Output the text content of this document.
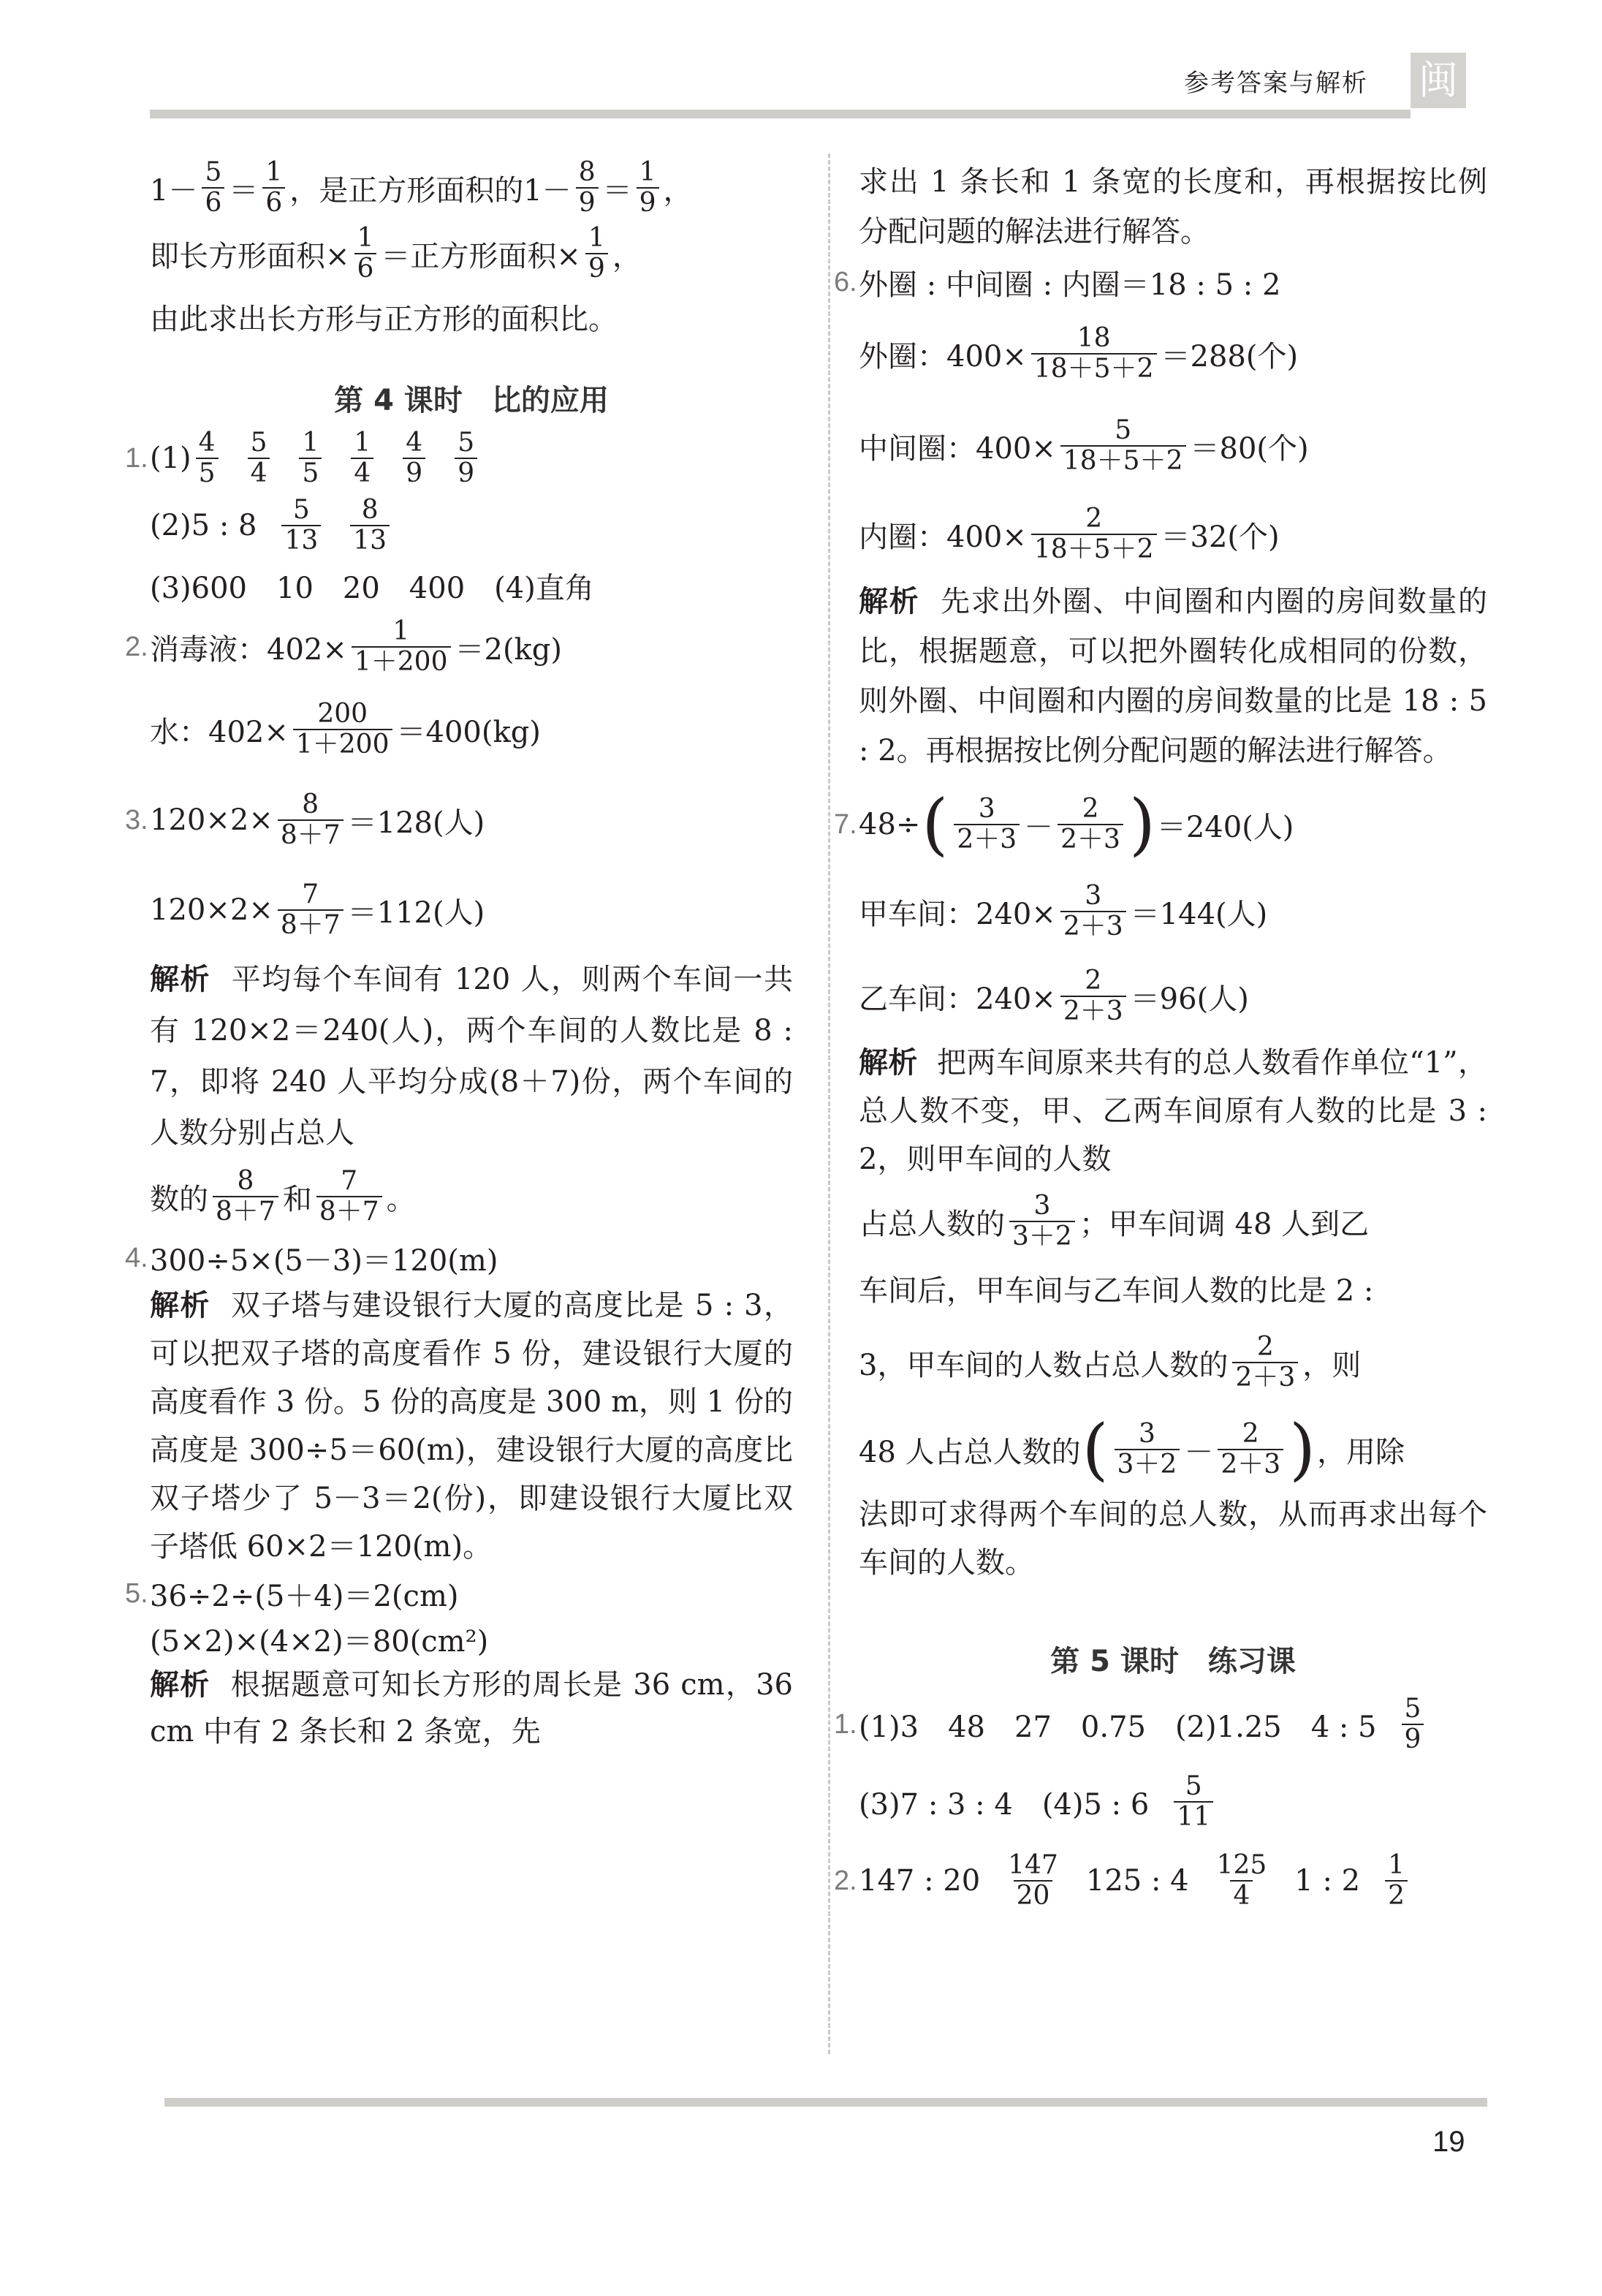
参考答案与解析 闽
$1- \frac{5}{6} = \frac{1}{6}$ ，是正方形面积的$1- \frac{8}{9} = \frac{1}{9}$ ，
即长方形面积× $\frac{1}{6}$ ＝正方形面积× $\frac{1}{9}$ ，
由此求出长方形与正方形的面积比。
第 4 课时　比的应用
1. $(1) \frac{4}{5} \frac{5}{4} \frac{1}{5} \frac{1}{4} \frac{4}{9} \frac{5}{9}$
(2)5 : $8 \frac{5}{13} \frac{8}{13}$
(3)600　10　20　400　(4)直角
2. 消毒液：$402\times \frac{1}{1+200} =2(kg)$
水：$402\times \frac{200}{1+200} =400(kg)$
3. $120\times 2\times \frac{8}{8+7} =128$(人)
$120\times 2\times \frac{7}{8+7} =112$(人)
解析 平均每个车间有 120 人，则两个车间一共有 120×2＝240(人)，两个车间的人数比是 8 : 7，即将 240 人平均分成(8＋7)份，两个车间的人数分别占总人
数的 $\frac{8}{8+7}$ 和 $\frac{7}{8+7}$ 。
4. 300÷5×(5－3)＝120(m)
解析 双子塔与建设银行大厦的高度比是 5 : 3，可以把双子塔的高度看作 5 份，建设银行大厦的高度看作 3 份。5 份的高度是 300 m，则 1 份的高度是 300÷5＝60(m)，建设银行大厦的高度比双子塔少了 5－3＝2(份)，即建设银行大厦比双子塔低 60×2＝120(m)。
5. 36÷2÷(5＋4)＝2(cm)
(5×2)×(4×2)＝80(cm²)
解析 根据题意可知长方形的周长是 36 cm，36 cm 中有 2 条长和 2 条宽，先
求出 1 条长和 1 条宽的长度和，再根据按比例分配问题的解法进行解答。
6. 外圈 : 中间圈 : 内圈＝18 : 5 : 2
外圈：$400\times \frac{18}{18+5+2} =288$(个)
中间圈：$400\times \frac{5}{18+5+2} =80$(个)
内圈：$400\times \frac{2}{18+5+2} =32$(个)
解析 先求出外圈、中间圈和内圈的房间数量的比，根据题意，可以把外圈转化成相同的份数，则外圈、中间圈和内圈的房间数量的比是 18 : 5 : 2。再根据按比例分配问题的解法进行解答。
7. 48÷ ( $\frac{3}{2+3} - \frac{2}{2+3}$ ) ＝240(人)
甲车间：$240\times \frac{3}{2+3} =144$(人)
乙车间：$240\times \frac{2}{2+3} =96$(人)
解析 把两车间原来共有的总人数看作单位“1”，总人数不变，甲、乙两车间原有人数的比是 3 : 2，则甲车间的人数
占总人数的 $\frac{3}{3+2}$ ；甲车间调 48 人到乙
车间后，甲车间与乙车间人数的比是 2 :
3，甲车间的人数占总人数的 $\frac{2}{2+3}$ ，则
48 人占总人数的 ( $\frac{3}{3+2} - \frac{2}{2+3}$ ) ，用除
法即可求得两个车间的总人数，从而再求出每个车间的人数。
第 5 课时　练习课
1. (1)3　48　27　0.75　(2)1.25　4 : $5 \frac{5}{9}$
(3)7 : 3 : 4　(4)5 : $6 \frac{5}{11}$
2. 147 : $20 \frac{147}{20} 125$ : $4 \frac{125}{4} 1$ : $2 \frac{1}{2}$
19
